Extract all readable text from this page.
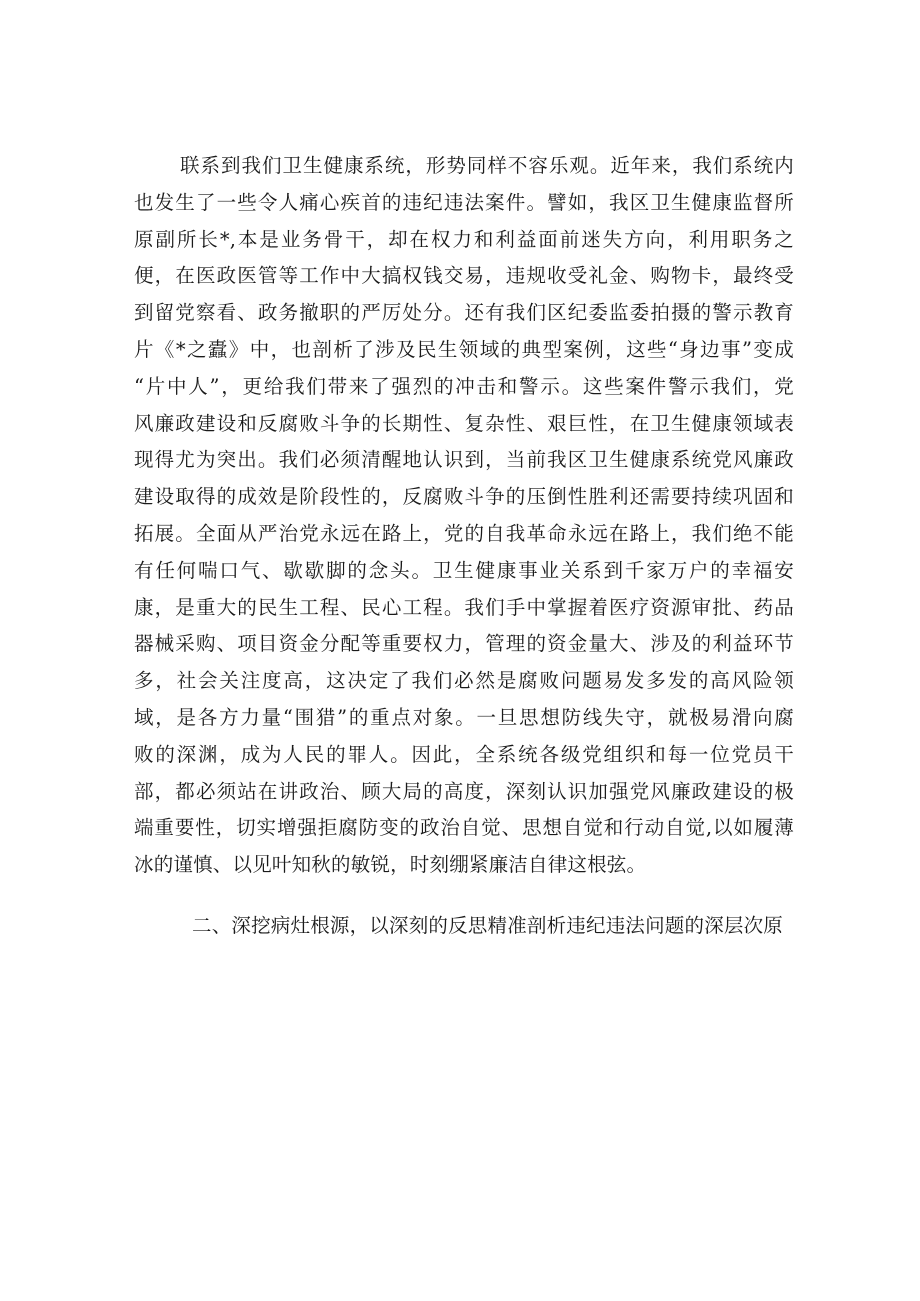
联系到我们卫生健康系统，形势同样不容乐观。近年来，我们系统内
也发生了一些令人痛心疾首的违纪违法案件。譬如，我区卫生健康监督所
原副所长*,本是业务骨干，却在权力和利益面前迷失方向，利用职务之
便，在医政医管等工作中大搞权钱交易，违规收受礼金、购物卡，最终受
到留党察看、政务撤职的严厉处分。还有我们区纪委监委拍摄的警示教育
片《*之蠹》中，也剖析了涉及民生领域的典型案例，这些“身边事”变成
“片中人”，更给我们带来了强烈的冲击和警示。这些案件警示我们，党
风廉政建设和反腐败斗争的长期性、复杂性、艰巨性，在卫生健康领域表
现得尤为突出。我们必须清醒地认识到，当前我区卫生健康系统党风廉政
建设取得的成效是阶段性的，反腐败斗争的压倒性胜利还需要持续巩固和
拓展。全面从严治党永远在路上，党的自我革命永远在路上，我们绝不能
有任何喘口气、歇歇脚的念头。卫生健康事业关系到千家万户的幸福安
康，是重大的民生工程、民心工程。我们手中掌握着医疗资源审批、药品
器械采购、项目资金分配等重要权力，管理的资金量大、涉及的利益环节
多，社会关注度高，这决定了我们必然是腐败问题易发多发的高风险领
域，是各方力量“围猎”的重点对象。一旦思想防线失守，就极易滑向腐
败的深渊，成为人民的罪人。因此，全系统各级党组织和每一位党员干
部，都必须站在讲政治、顾大局的高度，深刻认识加强党风廉政建设的极
端重要性，切实增强拒腐防变的政治自觉、思想自觉和行动自觉,以如履薄
冰的谨慎、以见叶知秋的敏锐，时刻绷紧廉洁自律这根弦。
二、深挖病灶根源，以深刻的反思精准剖析违纪违法问题的深层次原
